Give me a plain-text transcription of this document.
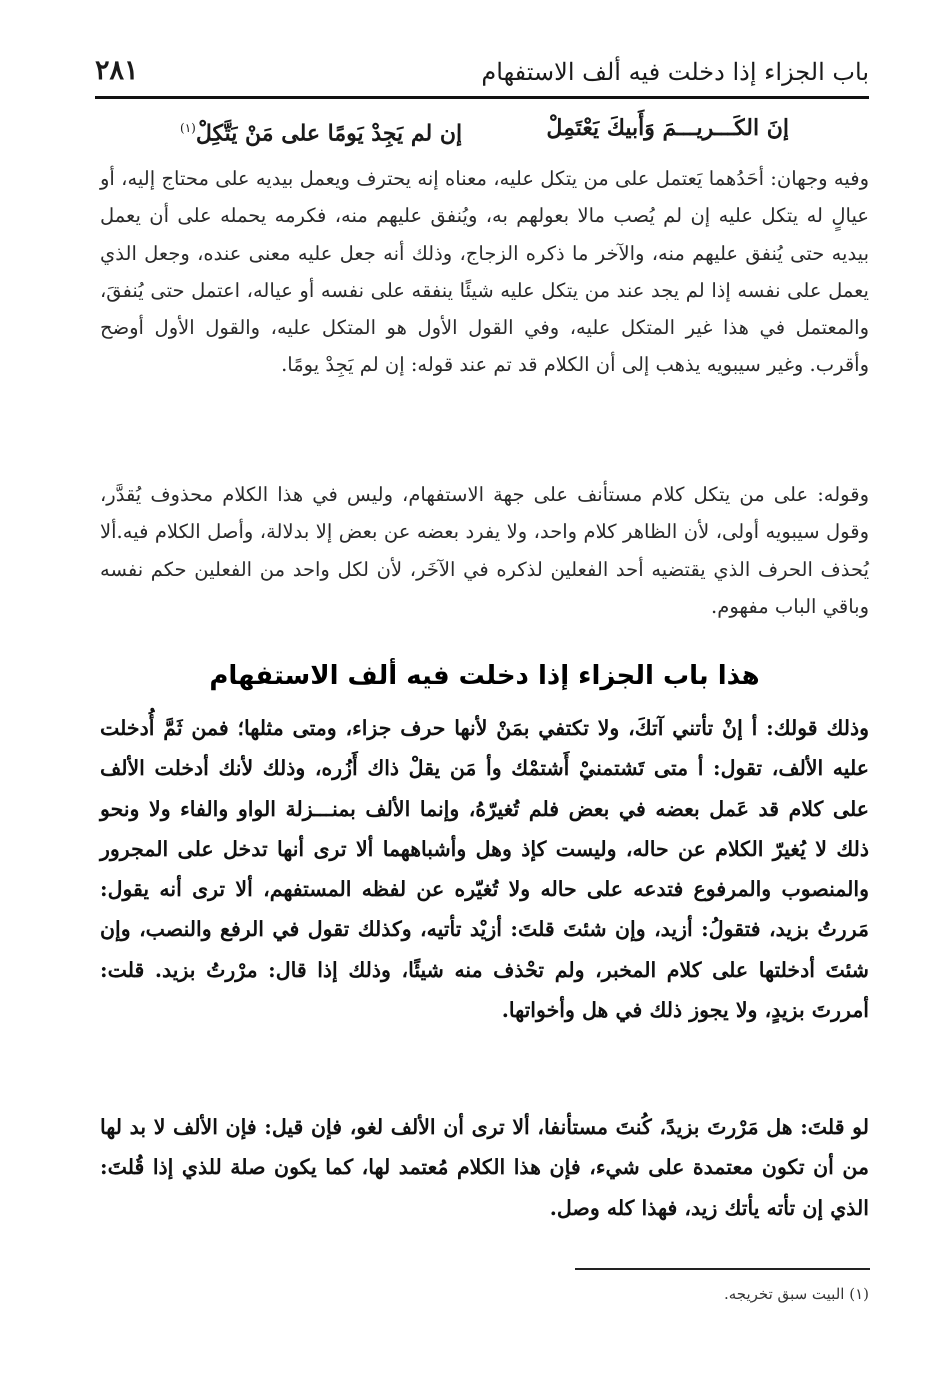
باب الجزاء إذا دخلت فيه ألف الاستفهام
٢٨١
إنَ الكَـــريـــمَ وَأَبيكَ يَعْتَمِلْ
إن لم يَجِدْ يَومًا على مَنْ يَتَّكِلْ$^{(١)}$

وفيه وجهان: أحَدُهما يَعتمل على من يتكل عليه، معناه إنه يحترف ويعمل بيديه على محتاج إليه، أو عيالٍ له يتكل عليه إن لم يُصب مالا بعولهم به، ويُنفق عليهم منه، فكرمه يحمله على أن يعمل بيديه حتى يُنفق عليهم منه، والآخر ما ذكره الزجاج، وذلك أنه جعل عليه معنى عنده، وجعل الذي يعمل على نفسه إذا لم يجد عند من يتكل عليه شيئًا ينفقه على نفسه أو عياله، اعتمل حتى يُنفقَ، والمعتمل في هذا غير المتكل عليه، وفي القول الأول هو المتكل عليه، والقول الأول أوضح وأقرب. وغير سيبويه يذهب إلى أن الكلام قد تم عند قوله: إن لم يَجِدْ يومًا.

وقوله: على من يتكل كلام مستأنف على جهة الاستفهام، وليس في هذا الكلام محذوف يُقدَّر، وقول سيبويه أولى، لأن الظاهر كلام واحد، ولا يفرد بعضه عن بعض إلا بدلالة، وأصل الكلام فيه.ألا يُحذف الحرف الذي يقتضيه أحد الفعلين لذكره في الآخَر، لأن لكل واحد من الفعلين حكم نفسه وباقي الباب مفهوم.

هذا باب الجزاء إذا دخلت فيه ألف الاستفهام

وذلك قولك: أ إنْ تأتني آتكَ، ولا تكتفي بمَنْ لأنها حرف جزاء، ومتى مثلها؛ فمن ثَمَّ أُدخلت عليه الألف، تقول: أ متى تَشتمنيْ أَشتمْك وأ مَن يقلْ ذاك أَزُره، وذلك لأنك أدخلت الألف على كلام قد عَمل بعضه في بعض فلم تُغيرّهُ، وإنما الألف بمنـــزلة الواو والفاء ولا ونحو ذلك لا يُغيرّ الكلام عن حاله، وليست كإذ وهل وأشباههما ألا ترى أنها تدخل على المجرور والمنصوب والمرفوع فتدعه على حاله ولا تُغيّره عن لفظه المستفهم، ألا ترى أنه يقول: مَررتُ بزيد، فتقولُ: أزيد، وإن شئتَ قلتَ: أزيْد تأتيه، وكذلك تقول في الرفع والنصب، وإن شئتَ أدخلتها على كلام المخبر، ولم تحْذف منه شيئًا، وذلك إذا قال: مرْرتُ بزيد. قلت: أمررتَ بزيدٍ، ولا يجوز ذلك في هل وأخواتها.

لو قلتَ: هل مَرْرتَ بزيدً، كُنتَ مستأنفا، ألا ترى أن الألف لغو، فإن قيل: فإن الألف لا بد لها من أن تكون معتمدة على شيء، فإن هذا الكلام مُعتمد لها، كما يكون صلة للذي إذا قُلتَ: الذي إن تأته يأتك زيد، فهذا كله وصل.

(١) البيت سبق تخريجه.
